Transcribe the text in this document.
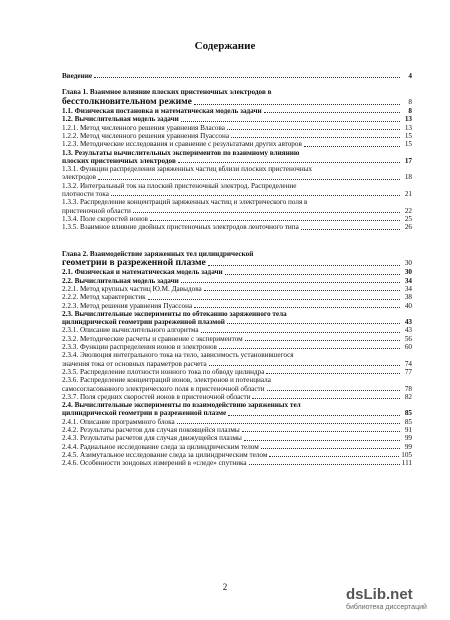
Содержание
Введение	4
Глава 1. Взаимное влияние плоских пристеночных электродов в
бесстолкновительном режиме	8
1.1. Физическая постановка и математическая модель задачи	8
1.2. Вычислительная модель задачи	13
1.2.1. Метод численного решения уравнения Власова	13
1.2.2. Метод численного решения уравнения Пуассона	15
1.2.3. Методические исследования и сравнение с результатами других авторов	15
1.3. Результаты вычислительных экспериментов по взаимному влиянию
плоских пристеночных электродов	17
1.3.1. Функции распределения заряженных частиц вблизи плоских пристеночных
электродов	18
1.3.2. Интегральный ток на плоский пристеночный электрод. Распределение
плотности тока	21
1.3.3. Распределение концентраций заряженных частиц и электрического поля в
пристеночной области	22
1.3.4. Поле скоростей ионов	25
1.3.5. Взаимное влияние двойных пристеночных электродов ленточного типа	26
Глава 2. Взаимодействие заряженных тел цилиндрической
геометрии в разреженной плазме	30
2.1. Физическая и математическая модель задачи	30
2.2. Вычислительная модель задачи	34
2.2.1. Метод крупных частиц Ю.М. Давыдова	34
2.2.2. Метод характеристик	38
2.2.3. Метод решения уравнения Пуассона	40
2.3. Вычислительные эксперименты по обтеканию заряженного тела
цилиндрической геометрии разреженной плазмой	43
2.3.1. Описание вычислительного алгоритма	43
2.3.2. Методические расчеты и сравнение с экспериментом	56
2.3.3. Функции распределения ионов и электронов	60
2.3.4. Эволюция интегрального тока на тело, зависимость установившегося
значения тока от основных параметров расчета	74
2.3.5. Распределение плотности ионного тока по обводу цилиндра	77
2.3.6. Распределение концентраций ионов, электронов и потенциала
самосогласованного электрического поля в пристеночной области	78
2.3.7. Поля средних скоростей ионов в пристеночной области	82
2.4. Вычислительные эксперименты по взаимодействию заряженных тел
цилиндрической геометрии в разреженной плазме	85
2.4.1. Описание программного блока	85
2.4.2. Результаты расчетов для случая покоящейся плазмы	91
2.4.3. Результаты расчетов для случая движущейся плазмы	99
2.4.4. Радиальное исследование следа за цилиндрическим телом	99
2.4.5. Азимутальное исследование следа за цилиндрическим телом	105
2.4.6. Особенности зондовых измерений в «следе» спутника	111
2	dsLib.net
библиотека диссертаций
